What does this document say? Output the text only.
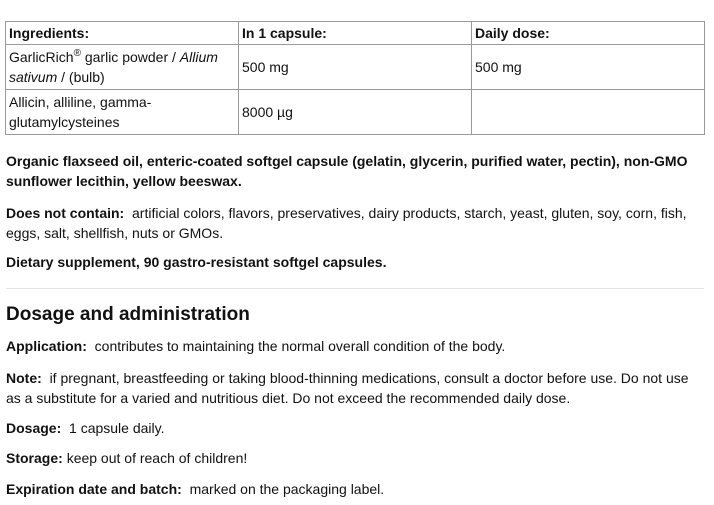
Ingredients:	In 1 capsule:	Daily dose:
GarlicRich® garlic powder / Allium sativum / (bulb)	500 mg	500 mg
Allicin, alliline, gamma-glutamylcysteines	8000 µg	

Organic flaxseed oil, enteric-coated softgel capsule (gelatin, glycerin, purified water, pectin), non-GMO sunflower lecithin, yellow beeswax.

Does not contain: artificial colors, flavors, preservatives, dairy products, starch, yeast, gluten, soy, corn, fish, eggs, salt, shellfish, nuts or GMOs.

Dietary supplement, 90 gastro-resistant softgel capsules.

Dosage and administration

Application: contributes to maintaining the normal overall condition of the body.

Note: if pregnant, breastfeeding or taking blood-thinning medications, consult a doctor before use. Do not use as a substitute for a varied and nutritious diet. Do not exceed the recommended daily dose.

Dosage: 1 capsule daily.

Storage: keep out of reach of children!

Expiration date and batch: marked on the packaging label.
